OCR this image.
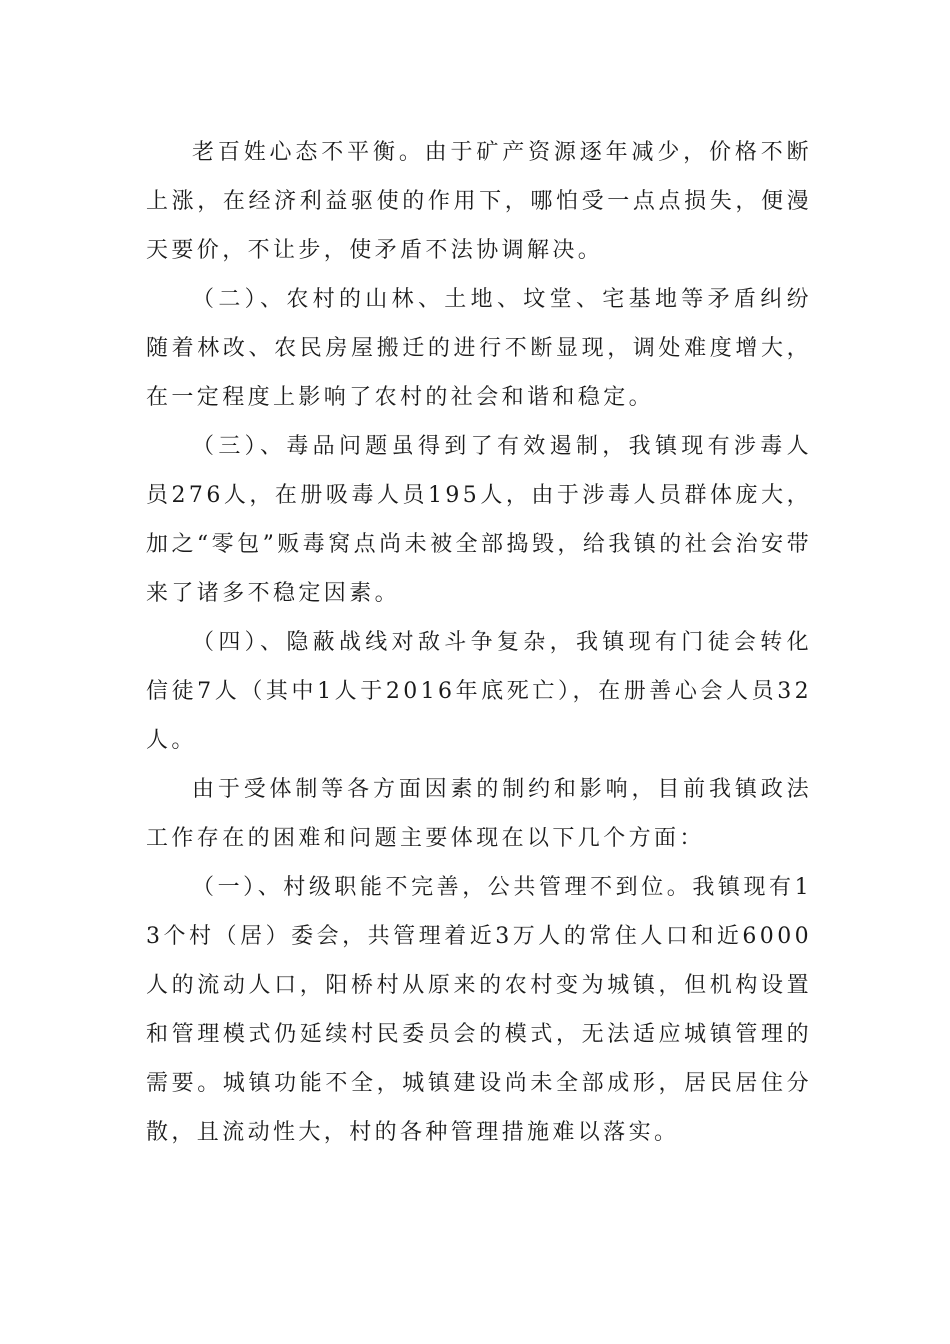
老百姓心态不平衡。由于矿产资源逐年减少，价格不断上涨，在经济利益驱使的作用下，哪怕受一点点损失，便漫天要价，不让步，使矛盾不法协调解决。

（二）、农村的山林、土地、坟堂、宅基地等矛盾纠纷随着林改、农民房屋搬迁的进行不断显现，调处难度增大，在一定程度上影响了农村的社会和谐和稳定。

（三）、毒品问题虽得到了有效遏制，我镇现有涉毒人员276人，在册吸毒人员195人，由于涉毒人员群体庞大，加之“零包”贩毒窝点尚未被全部捣毁，给我镇的社会治安带来了诸多不稳定因素。

（四）、隐蔽战线对敌斗争复杂，我镇现有门徒会转化信徒7人（其中1人于2016年底死亡），在册善心会人员32人。

由于受体制等各方面因素的制约和影响，目前我镇政法工作存在的困难和问题主要体现在以下几个方面：

（一）、村级职能不完善，公共管理不到位。我镇现有13个村（居）委会，共管理着近3万人的常住人口和近6000人的流动人口，阳桥村从原来的农村变为城镇，但机构设置和管理模式仍延续村民委员会的模式，无法适应城镇管理的需要。城镇功能不全，城镇建设尚未全部成形，居民居住分散，且流动性大，村的各种管理措施难以落实。
